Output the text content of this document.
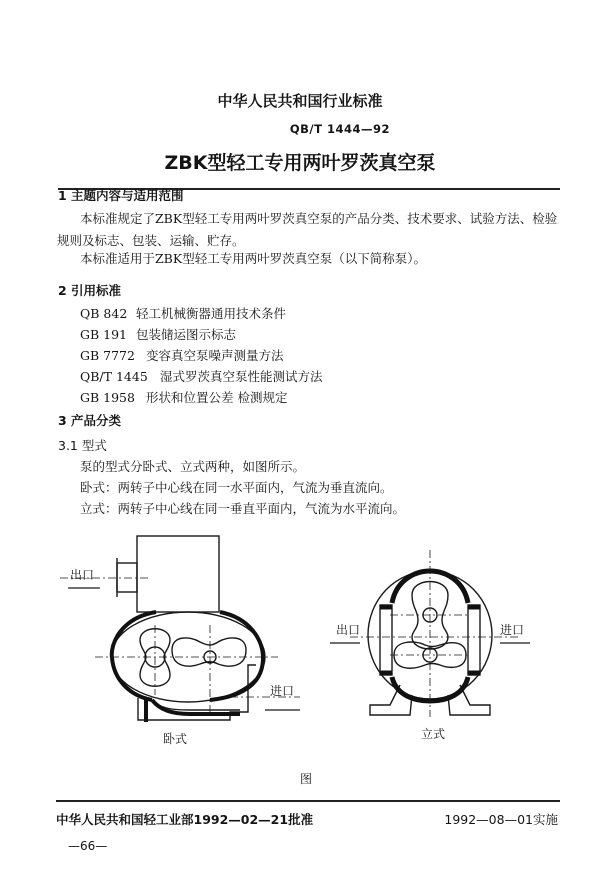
中华人民共和国行业标准
QB/T 1444—92
ZBK型轻工专用两叶罗茨真空泵
1 主题内容与适用范围
本标准规定了ZBK型轻工专用两叶罗茨真空泵的产品分类、技术要求、试验方法、检验
规则及标志、包装、运输、贮存。
本标准适用于ZBK型轻工专用两叶罗茨真空泵（以下简称泵）。
2 引用标准
QB 842 轻工机械衡器通用技术条件
GB 191 包装储运图示标志
GB 7772 变容真空泵噪声测量方法
QB/T 1445 湿式罗茨真空泵性能测试方法
GB 1958 形状和位置公差 检测规定
3 产品分类
3.1 型式
泵的型式分卧式、立式两种，如图所示。
卧式：两转子中心线在同一水平面内，气流为垂直流向。
立式：两转子中心线在同一垂直平面内，气流为水平流向。
出口
进口
卧式
出口	进口
立式
图
中华人民共和国轻工业部1992—02—21批准	1992—08—01实施
—66—
